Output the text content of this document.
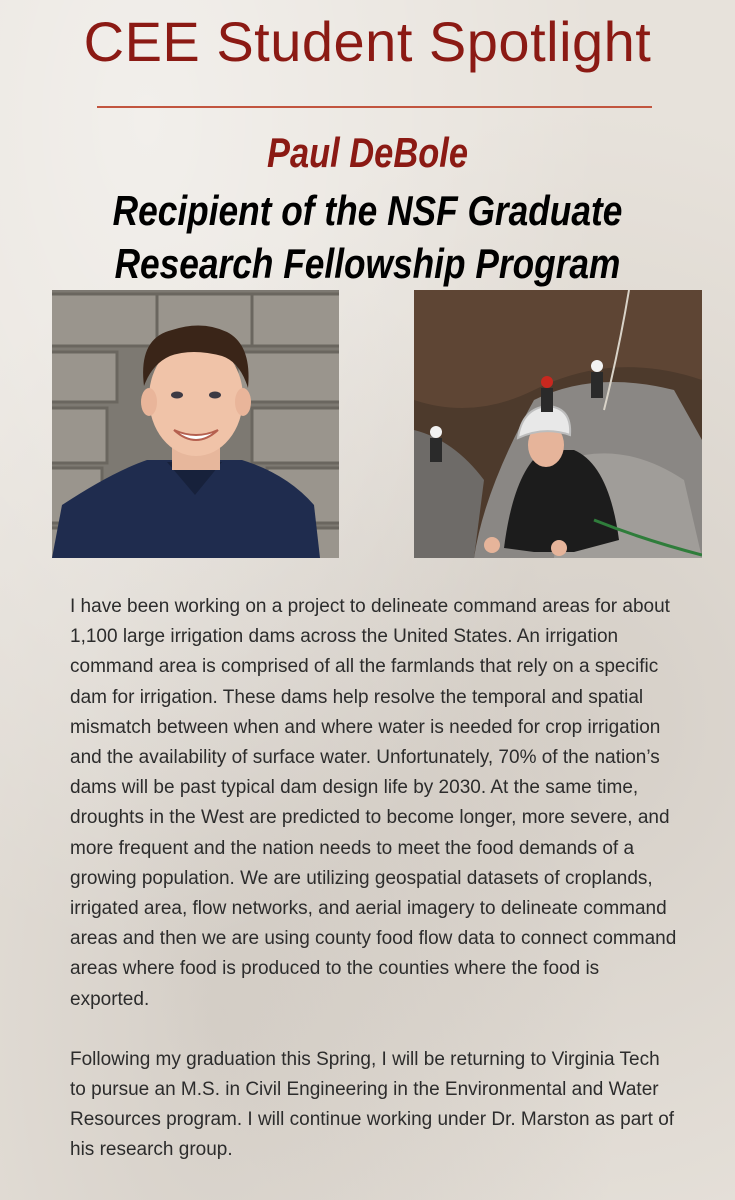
CEE Student Spotlight
Paul DeBole
Recipient of the NSF Graduate
Research Fellowship Program

I have been working on a project to delineate command areas for about 1,100 large irrigation dams across the United States. An irrigation command area is comprised of all the farmlands that rely on a specific dam for irrigation. These dams help resolve the temporal and spatial mismatch between when and where water is needed for crop irrigation and the availability of surface water. Unfortunately, 70% of the nation’s dams will be past typical dam design life by 2030. At the same time, droughts in the West are predicted to become longer, more severe, and more frequent and the nation needs to meet the food demands of a growing population. We are utilizing geospatial datasets of croplands, irrigated area, flow networks, and aerial imagery to delineate command areas and then we are using county food flow data to connect command areas where food is produced to the counties where the food is exported.

Following my graduation this Spring, I will be returning to Virginia Tech to pursue an M.S. in Civil Engineering in the Environmental and Water Resources program. I will continue working under Dr. Marston as part of his research group.
